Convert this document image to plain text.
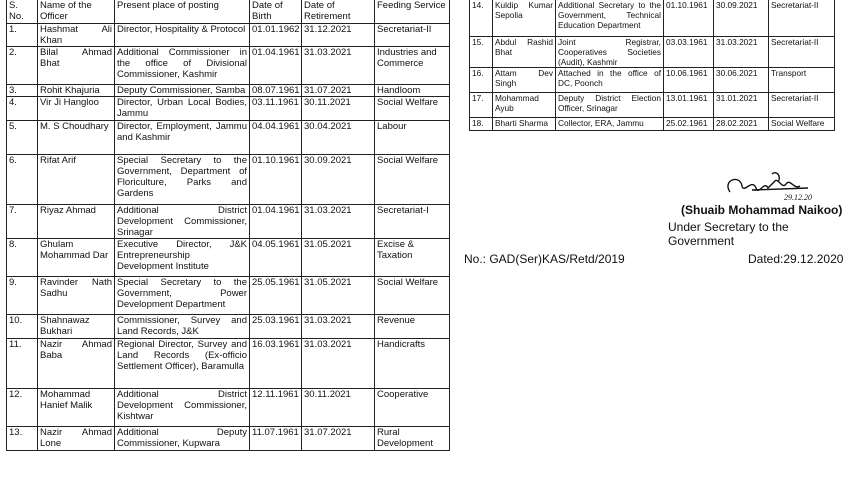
S. No.	Name of the Officer	Present place of posting	Date of Birth	Date of Retirement	Feeding Service
1.	Hashmat Ali Khan	Director, Hospitality & Protocol	01.01.1962	31.12.2021	Secretariat-II
2.	Bilal Ahmad Bhat	Additional Commissioner in the office of Divisional Commissioner, Kashmir	01.04.1961	31.03.2021	Industries and Commerce
3.	Rohit Khajuria	Deputy Commissioner, Samba	08.07.1961	31.07.2021	Handloom
4.	Vir Ji Hangloo	Director, Urban Local Bodies, Jammu	03.11.1961	30.11.2021	Social Welfare
5.	M. S Choudhary	Director, Employment, Jammu and Kashmir	04.04.1961	30.04.2021	Labour
6.	Rifat Arif	Special Secretary to the Government, Department of Floriculture, Parks and Gardens	01.10.1961	30.09.2021	Social Welfare
7.	Riyaz Ahmad	Additional District Development Commissioner, Srinagar	01.04.1961	31.03.2021	Secretariat-I
8.	Ghulam Mohammad Dar	Executive Director, J&K Entrepreneurship Development Institute	04.05.1961	31.05.2021	Excise & Taxation
9.	Ravinder Nath Sadhu	Special Secretary to the Government, Power Development Department	25.05.1961	31.05.2021	Social Welfare
10.	Shahnawaz Bukhari	Commissioner, Survey and Land Records, J&K	25.03.1961	31.03.2021	Revenue
11.	Nazir Ahmad Baba	Regional Director, Survey and Land Records (Ex-officio Settlement Officer), Baramulla	16.03.1961	31.03.2021	Handicrafts
12.	Mohammad Hanief Malik	Additional District Development Commissioner, Kishtwar	12.11.1961	30.11.2021	Cooperative
13.	Nazir Ahmad Lone	Additional Deputy Commissioner, Kupwara	11.07.1961	31.07.2021	Rural Development
14.	Kuldip Kumar Sepolia	Additional Secretary to the Government, Technical Education Department	01.10.1961	30.09.2021	Secretariat-II
15.	Abdul Rashid Bhat	Joint Registrar, Cooperatives Societies (Audit), Kashmir	03.03.1961	31.03.2021	Secretariat-II
16.	Attam Dev Singh	Attached in the office of DC, Poonch	10.06.1961	30.06.2021	Transport
17.	Mohammad Ayub	Deputy District Election Officer, Srinagar	13.01.1961	31.01.2021	Secretariat-II
18.	Bharti Sharma	Collector, ERA, Jammu	25.02.1961	28.02.2021	Social Welfare
29.12.20
(Shuaib Mohammad Naikoo)
Under Secretary to the Government
No.: GAD(Ser)KAS/Retd/2019	Dated:29.12.2020
